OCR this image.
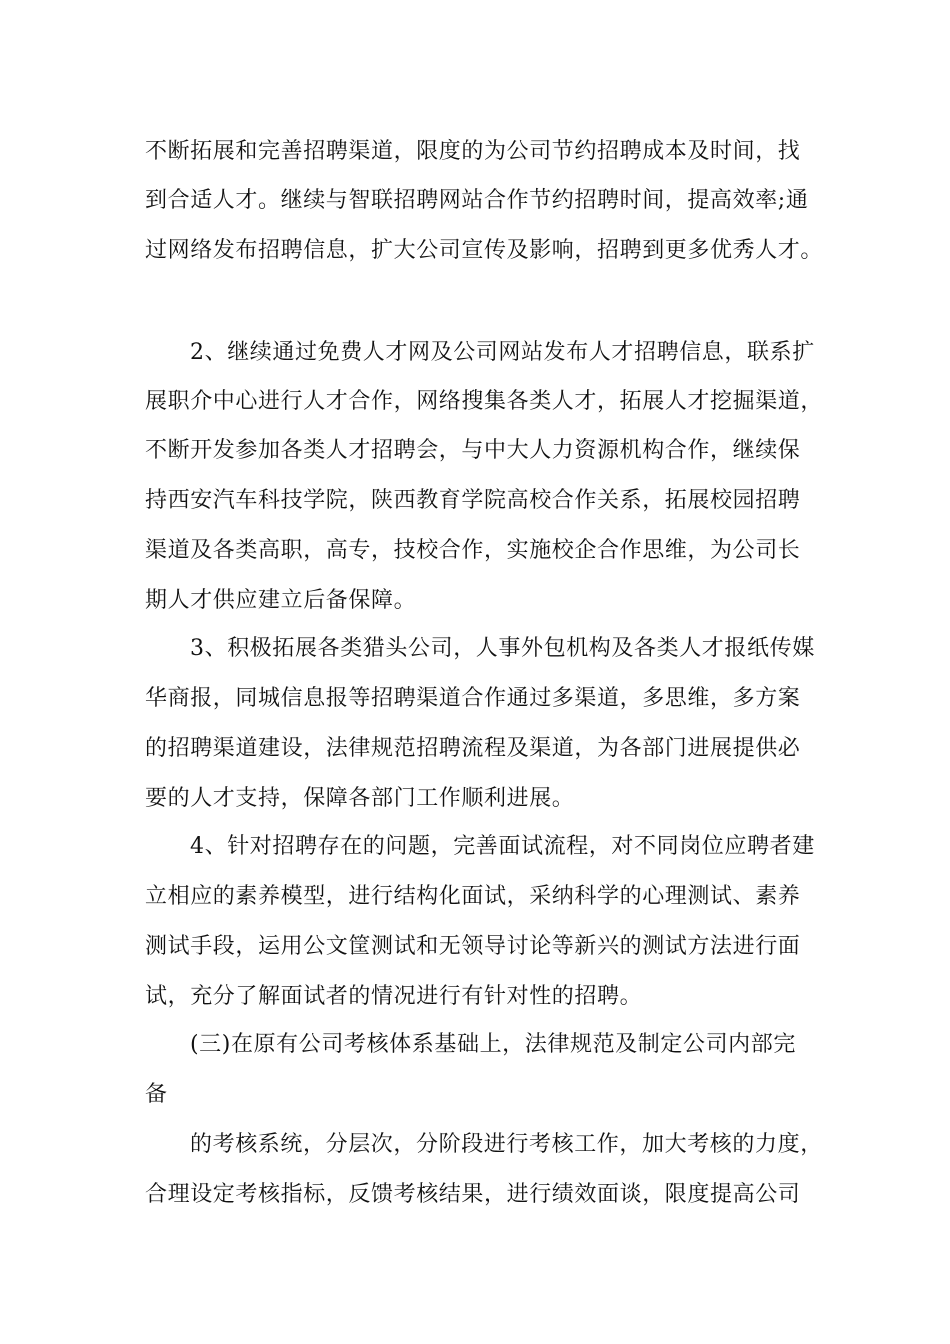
不断拓展和完善招聘渠道，限度的为公司节约招聘成本及时间，找
到合适人才。继续与智联招聘网站合作节约招聘时间，提高效率;通
过网络发布招聘信息，扩大公司宣传及影响，招聘到更多优秀人才。
2、继续通过免费人才网及公司网站发布人才招聘信息，联系扩
展职介中心进行人才合作，网络搜集各类人才，拓展人才挖掘渠道，
不断开发参加各类人才招聘会，与中大人力资源机构合作，继续保
持西安汽车科技学院，陕西教育学院高校合作关系，拓展校园招聘
渠道及各类高职，高专，技校合作，实施校企合作思维，为公司长
期人才供应建立后备保障。
3、积极拓展各类猎头公司，人事外包机构及各类人才报纸传媒
华商报，同城信息报等招聘渠道合作通过多渠道，多思维，多方案
的招聘渠道建设，法律规范招聘流程及渠道，为各部门进展提供必
要的人才支持，保障各部门工作顺利进展。
4、针对招聘存在的问题，完善面试流程，对不同岗位应聘者建
立相应的素养模型，进行结构化面试，采纳科学的心理测试、素养
测试手段，运用公文筐测试和无领导讨论等新兴的测试方法进行面
试，充分了解面试者的情况进行有针对性的招聘。
(三)在原有公司考核体系基础上，法律规范及制定公司内部完
备
的考核系统，分层次，分阶段进行考核工作，加大考核的力度，
合理设定考核指标，反馈考核结果，进行绩效面谈，限度提高公司
